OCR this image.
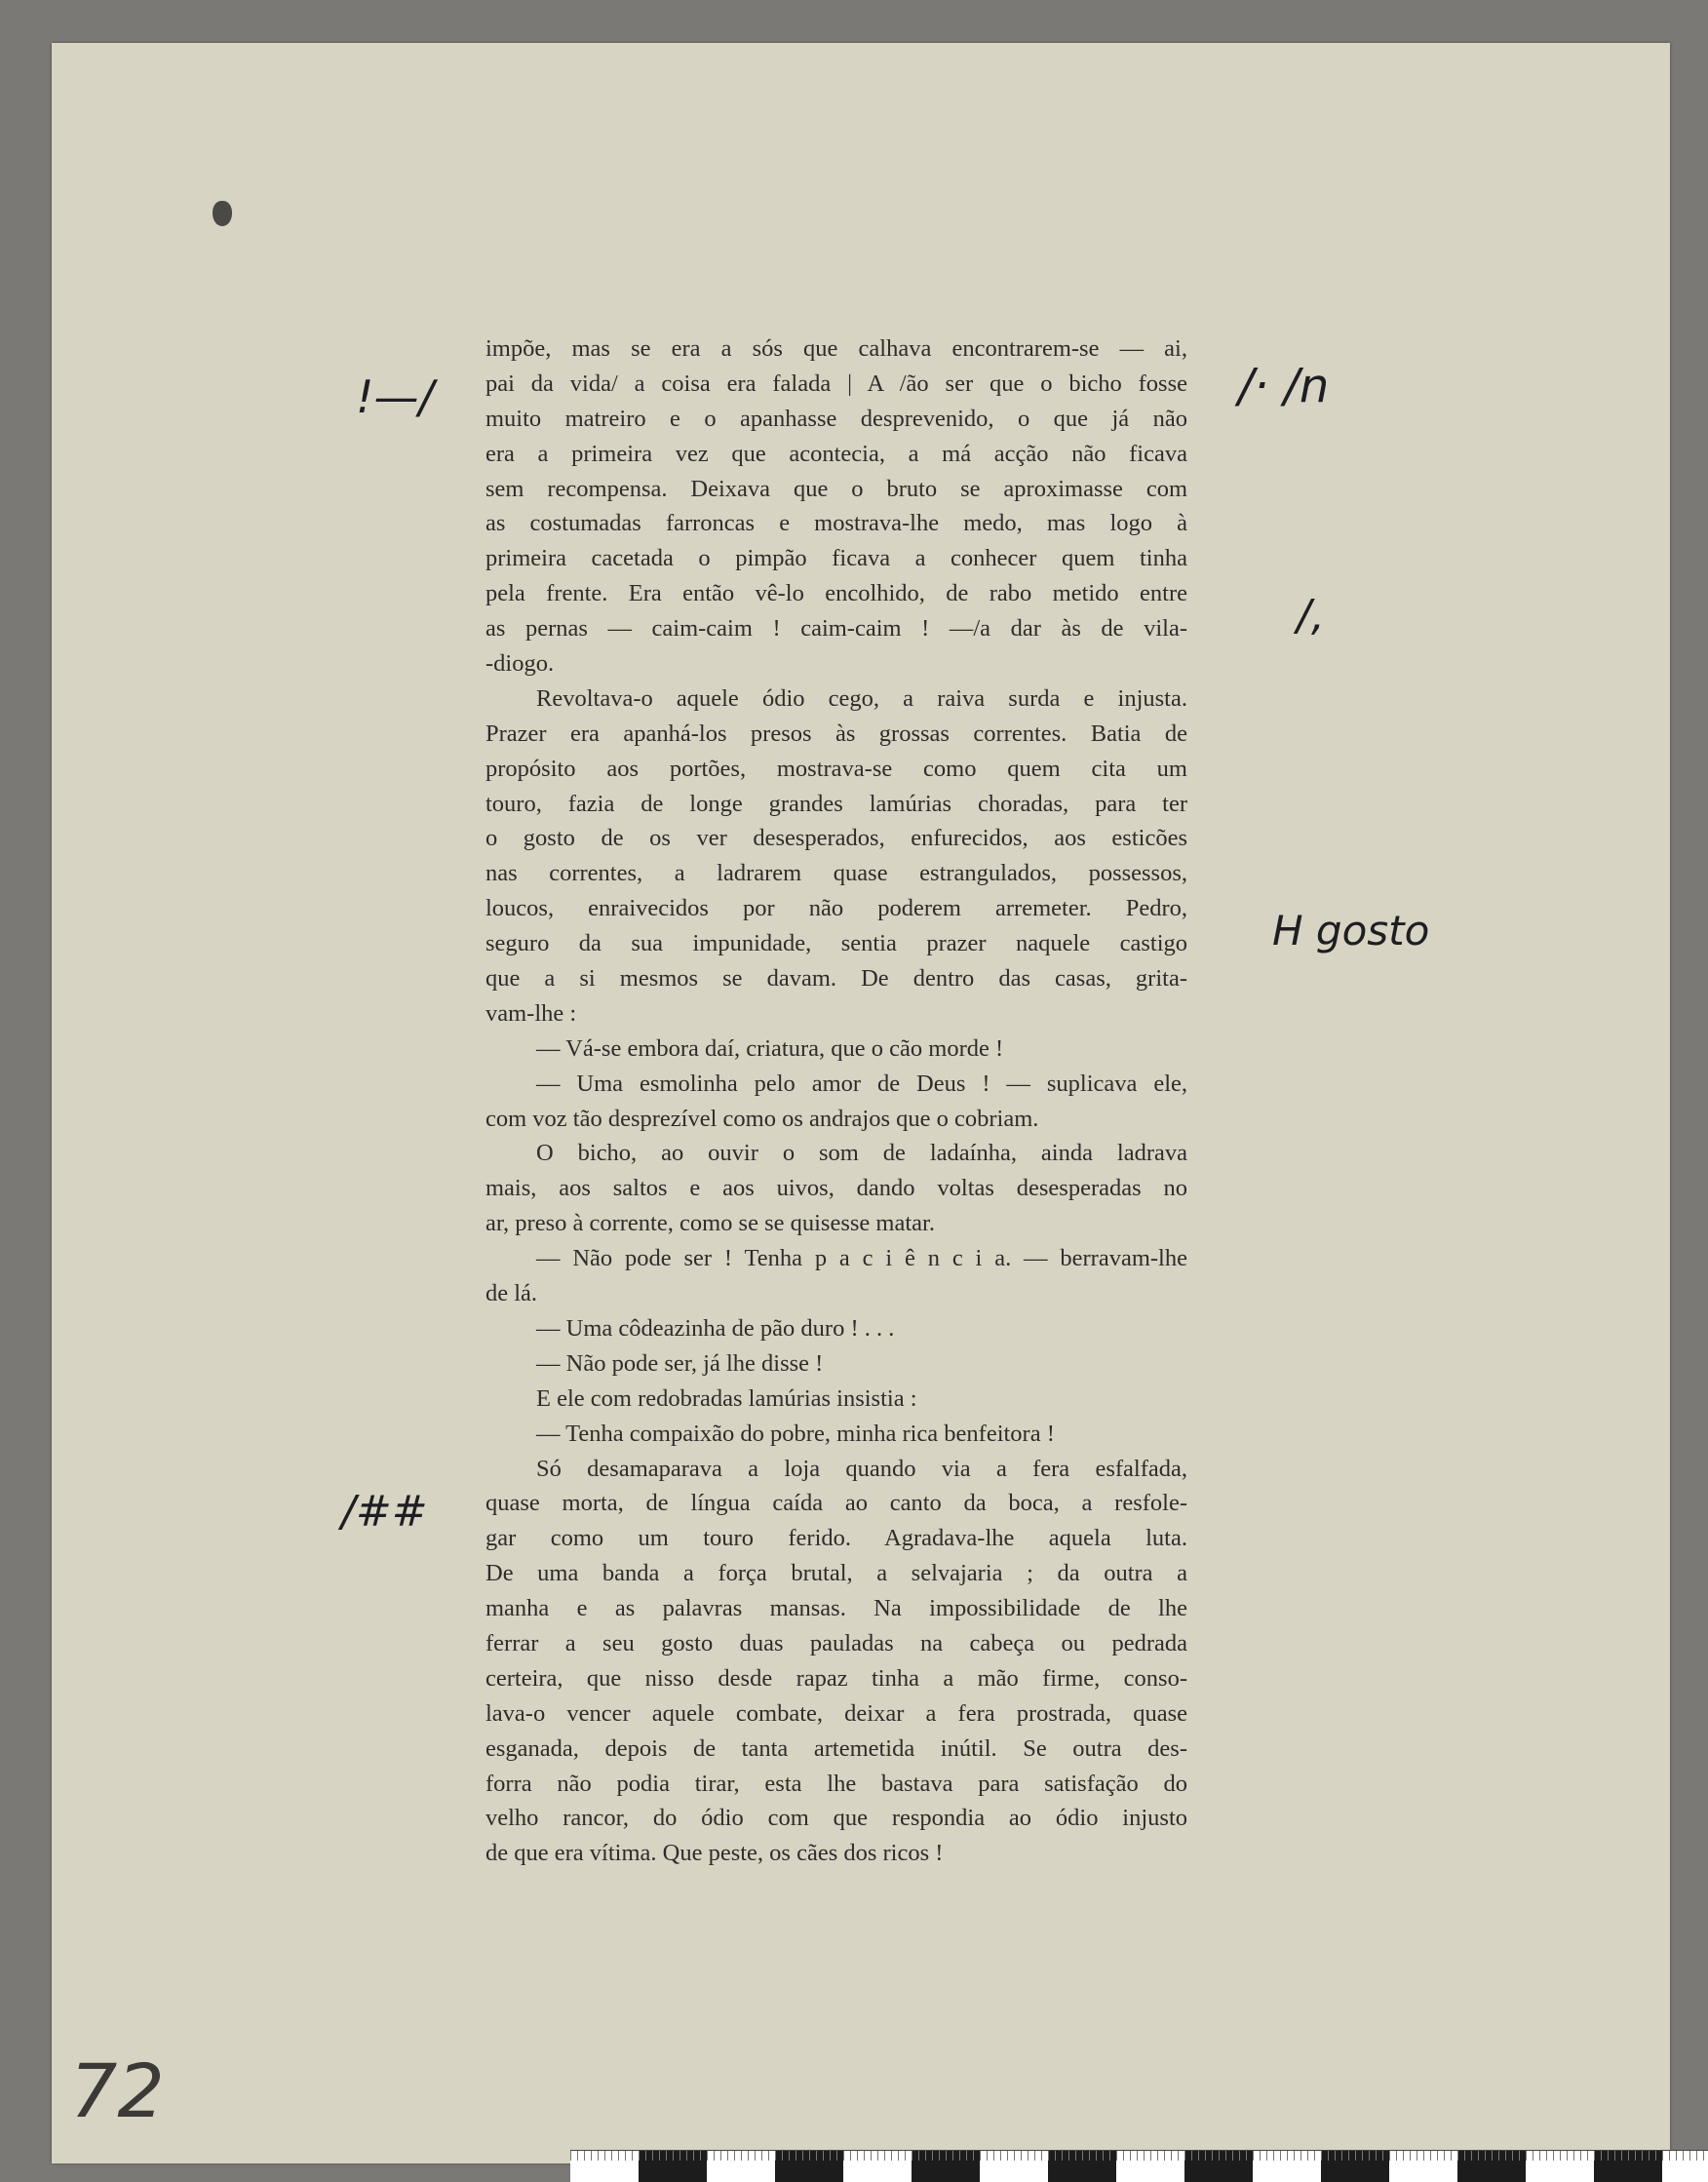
impõe, mas se era a sós que calhava encontrarem-se — ai,
pai da vida/ a coisa era falada | A /ão ser que o bicho fosse
muito matreiro e o apanhasse desprevenido, o que já não
era a primeira vez que acontecia, a má acção não ficava
sem recompensa. Deixava que o bruto se aproximasse com
as costumadas farroncas e mostrava-lhe medo, mas logo à
primeira cacetada o pimpão ficava a conhecer quem tinha
pela frente. Era então vê-lo encolhido, de rabo metido entre
as pernas — caim-caim ! caim-caim ! —/a dar às de vila-
-diogo.
Revoltava-o aquele ódio cego, a raiva surda e injusta.
Prazer era apanhá-los presos às grossas correntes. Batia de
propósito aos portões, mostrava-se como quem cita um
touro, fazia de longe grandes lamúrias choradas, para ter
o gosto de os ver desesperados, enfurecidos, aos esticões
nas correntes, a ladrarem quase estrangulados, possessos,
loucos, enraivecidos por não poderem arremeter. Pedro,
seguro da sua impunidade, sentia prazer naquele castigo
que a si mesmos se davam. De dentro das casas, grita-
vam-lhe :
— Vá-se embora daí, criatura, que o cão morde !
— Uma esmolinha pelo amor de Deus ! — suplicava ele,
com voz tão desprezível como os andrajos que o cobriam.
O bicho, ao ouvir o som de ladaínha, ainda ladrava
mais, aos saltos e aos uivos, dando voltas desesperadas no
ar, preso à corrente, como se se quisesse matar.
— Não pode ser ! Tenha p a c i ê n c i a. — berravam-lhe
de lá.
— Uma côdeazinha de pão duro ! . . .
— Não pode ser, já lhe disse !
E ele com redobradas lamúrias insistia :
— Tenha compaixão do pobre, minha rica benfeitora !
Só desamaparava a loja quando via a fera esfalfada,
quase morta, de língua caída ao canto da boca, a resfole-
gar como um touro ferido. Agradava-lhe aquela luta.
De uma banda a força brutal, a selvajaria ; da outra a
manha e as palavras mansas. Na impossibilidade de lhe
ferrar a seu gosto duas pauladas na cabeça ou pedrada
certeira, que nisso desde rapaz tinha a mão firme, conso-
lava-o vencer aquele combate, deixar a fera prostrada, quase
esganada, depois de tanta artemetida inútil. Se outra des-
forra não podia tirar, esta lhe bastava para satisfação do
velho rancor, do ódio com que respondia ao ódio injusto
de que era vítima. Que peste, os cães dos ricos !
!—/	/· /n
/,
H gosto
/##
72
